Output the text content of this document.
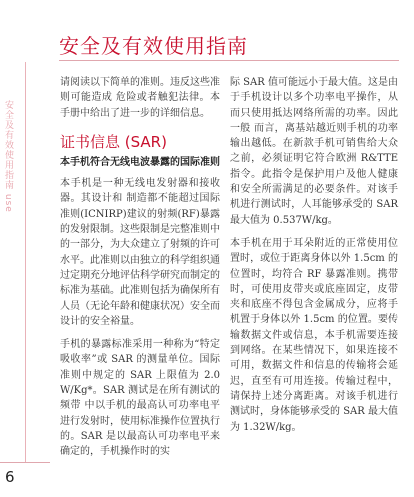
安全及有效使用指南
安全及有效使用指南 use

请阅读以下简单的准则。违反这些准则可能造成 危险或者触犯法律。本手册中给出了进一步的详细信息。

证书信息 (SAR)
本手机符合无线电波暴露的国际准则

本手机是一种无线电发射器和接收器。其设计和 制造都不能超过国际准则(ICNIRP)建议的射频(RF)暴露的发射限制。这些限制是完整准则中的一部分，为大众建立了射频的许可水平。此准则以由独立的科学组织通过定期充分地评估科学研究而制定的标准为基础。此准则包括为确保所有人员（无论年龄和健康状况）安全而设计的安全裕量。

手机的暴露标准采用一种称为“特定吸收率”或 SAR 的测量单位。国际准则中规定的 SAR 上限值为 2.0 W/Kg*。SAR 测试是在所有测试的频带 中以手机的最高认可功率电平进行发射时，使用标准操作位置执行的。SAR 是以最高认可功率电平来确定的，手机操作时的实

际 SAR 值可能远小于最大值。这是由于手机设计以多个功率电平操作，从而只使用抵达网络所需的功率。因此一般 而言，离基站越近则手机的功率输出越低。在新款手机可销售给大众之前，必须证明它符合欧洲 R&TTE 指令。此指令是保护用户及他人健康和安全所需满足的必要条件。对该手机进行测试时，人耳能够承受的 SAR 最大值为 0.537W/kg。

本手机在用于耳朵附近的正常使用位置时，或位于距离身体以外 1.5cm 的位置时，均符合 RF 暴露准则。携带时，可使用皮带夹或底座固定，皮带夹和底座不得包含金属成分，应将手机置于身体以外 1.5cm 的位置。要传输数据文件或信息，本手机需要连接到网络。在某些情况下，如果连接不可用，数据文件和信息的传输将会延迟，直至有可用连接。传输过程中，请保持上述分离距离。对该手机进行测试时，身体能够承受的 SAR 最大值为 1.32W/kg。

6
